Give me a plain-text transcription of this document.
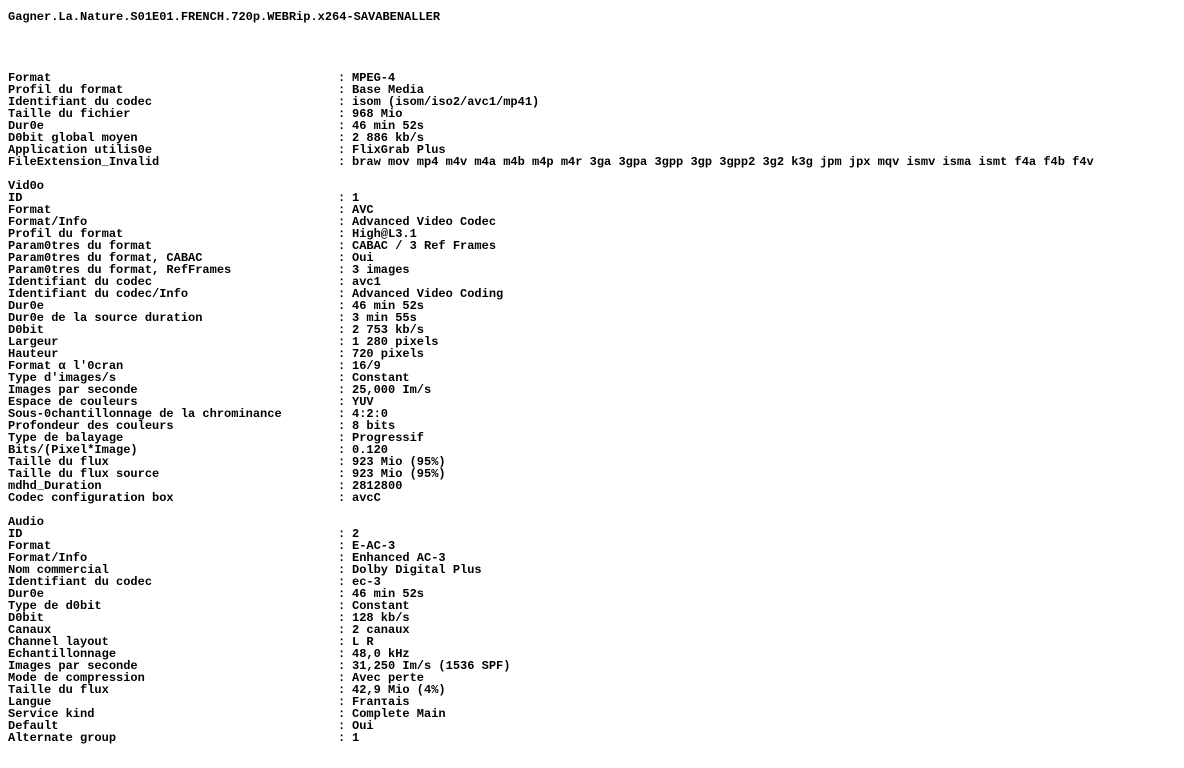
Gagner.La.Nature.S01E01.FRENCH.720p.WEBRip.x264-SAVABENALLER
Format	: MPEG-4
Profil du format	: Base Media
Identifiant du codec	: isom (isom/iso2/avc1/mp41)
Taille du fichier	: 968 Mio
Dur0e	: 46 min 52s
D0bit global moyen	: 2 886 kb/s
Application utilis0e	: FlixGrab Plus
FileExtension_Invalid	: braw mov mp4 m4v m4a m4b m4p m4r 3ga 3gpa 3gpp 3gp 3gpp2 3g2 k3g jpm jpx mqv ismv isma ismt f4a f4b f4v
Vid0o
ID	: 1
Format	: AVC
Format/Info	: Advanced Video Codec
Profil du format	: High@L3.1
Param0tres du format	: CABAC / 3 Ref Frames
Param0tres du format, CABAC	: Oui
Param0tres du format, RefFrames	: 3 images
Identifiant du codec	: avc1
Identifiant du codec/Info	: Advanced Video Coding
Dur0e	: 46 min 52s
Dur0e de la source duration	: 3 min 55s
D0bit	: 2 753 kb/s
Largeur	: 1 280 pixels
Hauteur	: 720 pixels
Format α l'0cran	: 16/9
Type d'images/s	: Constant
Images par seconde	: 25,000 Im/s
Espace de couleurs	: YUV
Sous-0chantillonnage de la chrominance	: 4:2:0
Profondeur des couleurs	: 8 bits
Type de balayage	: Progressif
Bits/(Pixel*Image)	: 0.120
Taille du flux	: 923 Mio (95%)
Taille du flux source	: 923 Mio (95%)
mdhd_Duration	: 2812800
Codec configuration box	: avcC
Audio
ID	: 2
Format	: E-AC-3
Format/Info	: Enhanced AC-3
Nom commercial	: Dolby Digital Plus
Identifiant du codec	: ec-3
Dur0e	: 46 min 52s
Type de d0bit	: Constant
D0bit	: 128 kb/s
Canaux	: 2 canaux
Channel layout	: L R
Echantillonnage	: 48,0 kHz
Images par seconde	: 31,250 Im/s (1536 SPF)
Mode de compression	: Avec perte
Taille du flux	: 42,9 Mio (4%)
Langue	: Franτais
Service kind	: Complete Main
Default	: Oui
Alternate group	: 1
